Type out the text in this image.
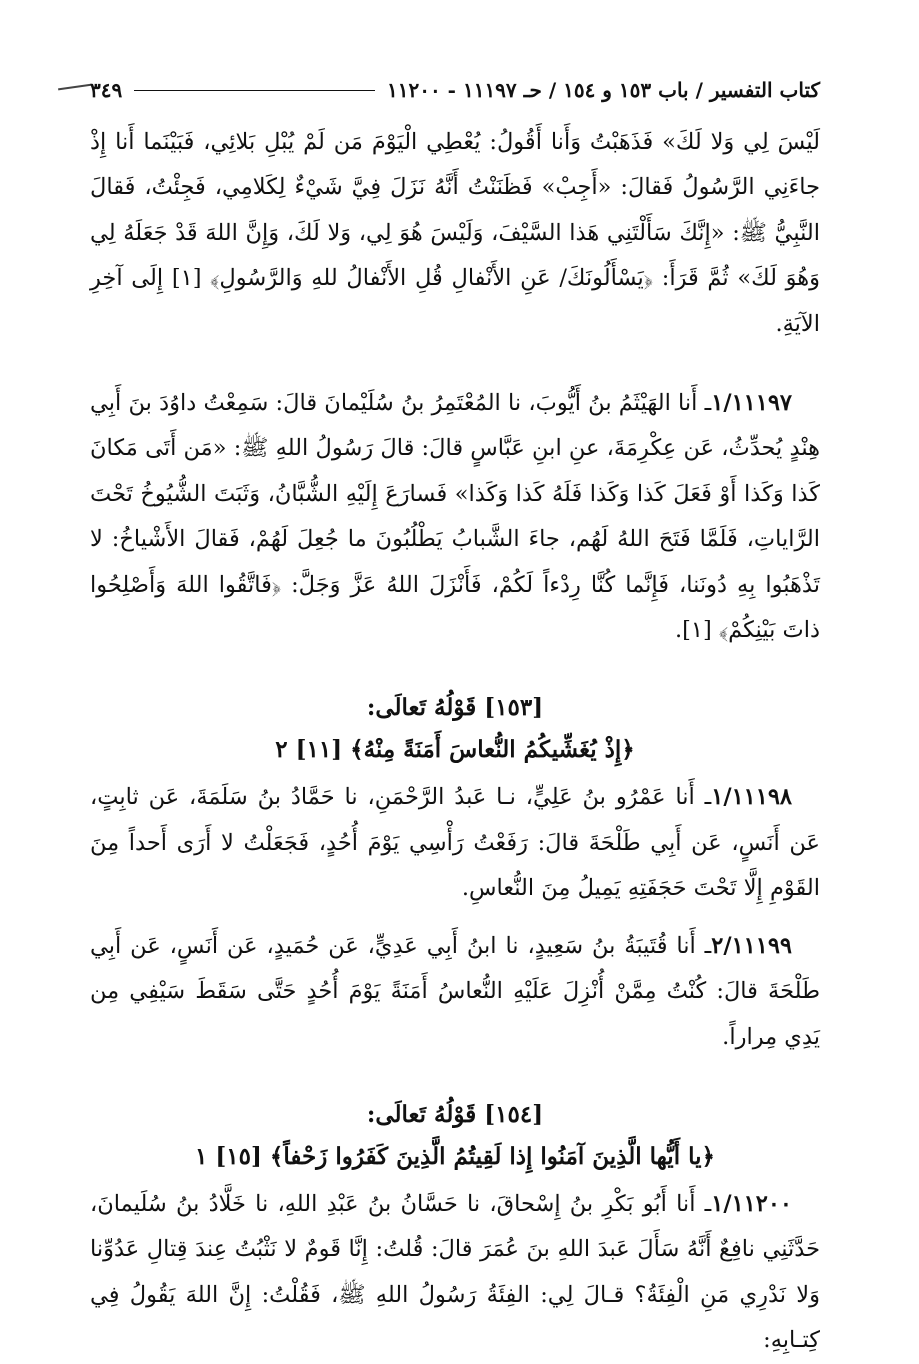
كتاب التفسير / باب ١٥٣ و ١٥٤ / حـ ١١١٩٧ - ١١٢٠٠
٣٤٩

لَيْسَ لِي وَلا لَكَ» فَذَهَبْتُ وَأَنا أَقُولُ: يُعْطِي الْيَوْمَ مَن لَمْ يُبْلِ بَلائِي، فَبَيْنَما أَنا إِذْ جاءَنِي الرَّسُولُ فَقالَ: «أَجِبْ» فَظَنَنْتُ أَنَّهُ نَزَلَ فِيَّ شَيْءٌ لِكَلامِي، فَجِئْتُ، فَقالَ النَّبِيُّ ﷺ: «إِنَّكَ سَأَلْتَنِي هَذا السَّيْفَ، وَلَيْسَ هُوَ لِي، وَلا لَكَ، وَإِنَّ اللهَ قَدْ جَعَلَهُ لِي وَهُوَ لَكَ» ثُمَّ قَرَأَ: ﴿يَسْأَلُونَكَ/ عَنِ الأَنْفالِ قُلِ الأَنْفالُ للهِ وَالرَّسُولِ﴾ [١] إِلَى آخِرِ الآيَةِ.

١/١١١٩٧ـ أَنا الهَيْثَمُ بنُ أَيُّوبَ، نا المُعْتَمِرُ بنُ سُلَيْمانَ قالَ: سَمِعْتُ داوُدَ بنَ أَبِي هِنْدٍ يُحدِّثُ، عَن عِكْرِمَةَ، عنِ ابنِ عَبَّاسٍ قالَ: قالَ رَسُولُ اللهِ ﷺ: «مَن أَتَى مَكانَ كَذا وَكَذا أَوْ فَعَلَ كَذا وَكَذا فَلَهُ كَذا وَكَذا» فَسارَعَ إِلَيْهِ الشُّبَّانُ، وَثَبَتَ الشُّيُوخُ تَحْتَ الرَّاياتِ، فَلَمَّا فَتَحَ اللهُ لَهُم، جاءَ الشَّبابُ يَطْلُبُونَ ما جُعِلَ لَهُمْ، فَقالَ الأَشْياخُ: لا تَذْهَبُوا بِهِ دُونَنا، فَإِنَّما كُنَّا رِدْءاً لَكُمْ، فَأَنْزَلَ اللهُ عَزَّ وَجَلَّ: ﴿فَاتَّقُوا اللهَ وَأَصْلِحُوا ذاتَ بَيْنِكُمْ﴾ [١].

[١٥٣] قَوْلُهُ تَعالَى:
﴿إِذْ يُغَشِّيكُمُ النُّعاسَ أَمَنَةً مِنْهُ﴾ [١١] ٢

١/١١١٩٨ـ أَنا عَمْرُو بنُ عَلِيٍّ، نـا عَبدُ الرَّحْمَنِ، نا حَمَّادُ بنُ سَلَمَةَ، عَن ثابِتٍ، عَن أَنَسٍ، عَن أَبِي طَلْحَةَ قالَ: رَفَعْتُ رَأْسِي يَوْمَ أُحُدٍ، فَجَعَلْتُ لا أَرَى أَحداً مِنَ القَوْمِ إِلَّا تَحْتَ حَجَفَتِهِ يَمِيلُ مِنَ النُّعاسِ.

٢/١١١٩٩ـ أَنا قُتَيبَةُ بنُ سَعِيدٍ، نا ابنُ أَبِي عَدِيٍّ، عَن حُمَيدٍ، عَن أَنَسٍ، عَن أَبِي طَلْحَةَ قالَ: كُنْتُ مِمَّنْ أُنْزِلَ عَلَيْهِ النُّعاسُ أَمَنَةً يَوْمَ أُحُدٍ حَتَّى سَقَطَ سَيْفِي مِن يَدِي مِراراً.

[١٥٤] قَوْلُهُ تَعالَى:
﴿يا أَيُّها الَّذِينَ آمَنُوا إِذا لَقِيتُمُ الَّذِينَ كَفَرُوا زَحْفاً﴾ [١٥] ١

١/١١٢٠٠ـ أَنا أَبُو بَكْرِ بنُ إِسْحاقَ، نا حَسَّانُ بنُ عَبْدِ اللهِ، نا خَلَّادُ بنُ سُلَيمانَ، حَدَّثَنِي نافِعٌ أَنَّهُ سَأَلَ عَبدَ اللهِ بنَ عُمَرَ قالَ: قُلتُ: إِنَّا قَومٌ لا نَثْبُتُ عِندَ قِتالِ عَدُوِّنا وَلا نَدْرِي مَنِ الْفِئَةُ؟ قـالَ لِي: الفِئَةُ رَسُولُ اللهِ ﷺ، فَقُلْتُ: إِنَّ اللهَ يَقُولُ فِي كِتـابِهِ:
